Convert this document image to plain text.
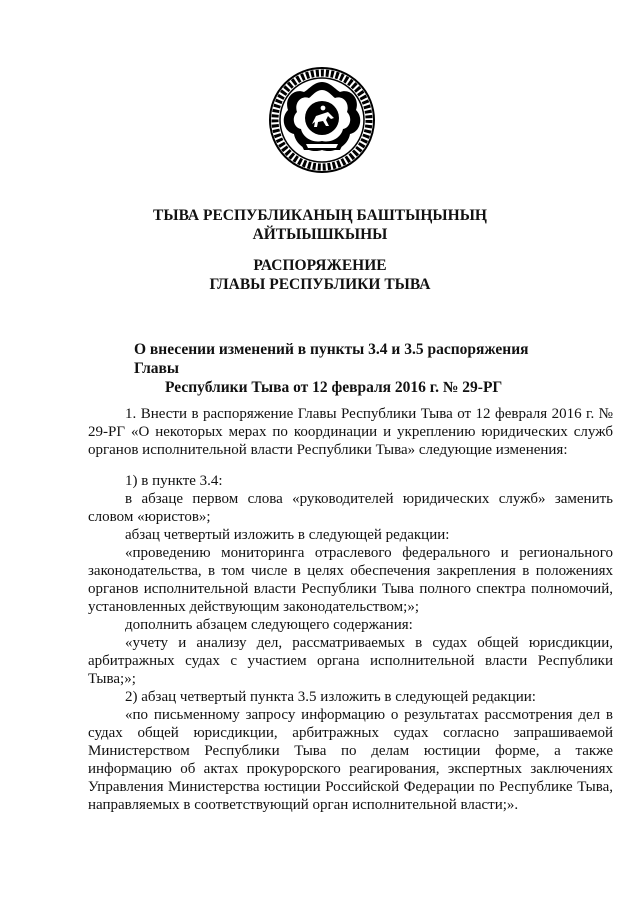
ТЫВА РЕСПУБЛИКАНЫҢ БАШТЫҢЫНЫҢ
АЙТЫЫШКЫНЫ
РАСПОРЯЖЕНИЕ
ГЛАВЫ РЕСПУБЛИКИ ТЫВА
О внесении изменений в пункты 3.4 и 3.5 распоряжения Главы
Республики Тыва от 12 февраля 2016 г. № 29-РГ

1. Внести в распоряжение Главы Республики Тыва от 12 февраля 2016 г. № 29-РГ «О некоторых мерах по координации и укреплению юридических служб органов исполнительной власти Республики Тыва» следующие изменения:

1) в пункте 3.4:

в абзаце первом слова «руководителей юридических служб» заменить словом «юристов»;

абзац четвертый изложить в следующей редакции:

«проведению мониторинга отраслевого федерального и регионального законодательства, в том числе в целях обеспечения закрепления в положениях органов исполнительной власти Республики Тыва полного спектра полномочий, установленных действующим законодательством;»;

дополнить абзацем следующего содержания:

«учету и анализу дел, рассматриваемых в судах общей юрисдикции, арбитражных судах с участием органа исполнительной власти Республики Тыва;»;

2) абзац четвертый пункта 3.5 изложить в следующей редакции:

«по письменному запросу информацию о результатах рассмотрения дел в судах общей юрисдикции, арбитражных судах согласно запрашиваемой Министерством Республики Тыва по делам юстиции форме, а также информацию об актах прокурорского реагирования, экспертных заключениях Управления Министерства юстиции Российской Федерации по Республике Тыва, направляемых в соответствующий орган исполнительной власти;».
